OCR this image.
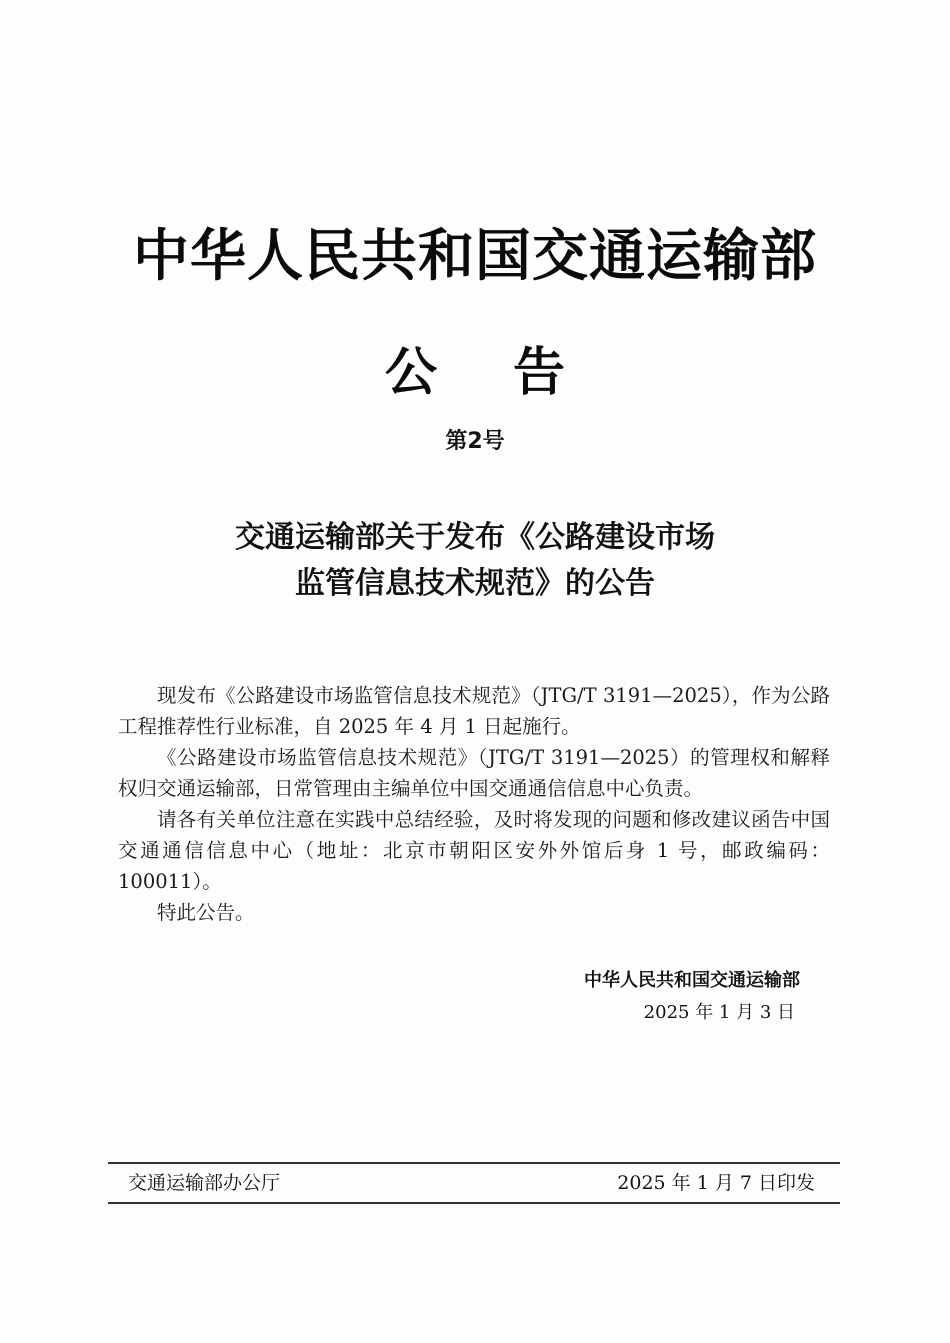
中华人民共和国交通运输部
公 告
第2号
交通运输部关于发布《公路建设市场
监管信息技术规范》的公告

现发布《公路建设市场监管信息技术规范》（JTG/T 3191—2025），作为公路工程推荐性行业标准，自 2025 年 4 月 1 日起施行。

《公路建设市场监管信息技术规范》（JTG/T 3191—2025）的管理权和解释权归交通运输部，日常管理由主编单位中国交通通信信息中心负责。

请各有关单位注意在实践中总结经验，及时将发现的问题和修改建议函告中国交通通信信息中心（地址：北京市朝阳区安外外馆后身 1 号，邮政编码：100011）。

特此公告。

中华人民共和国交通运输部
2025 年 1 月 3 日
交通运输部办公厅	2025 年 1 月 7 日印发
